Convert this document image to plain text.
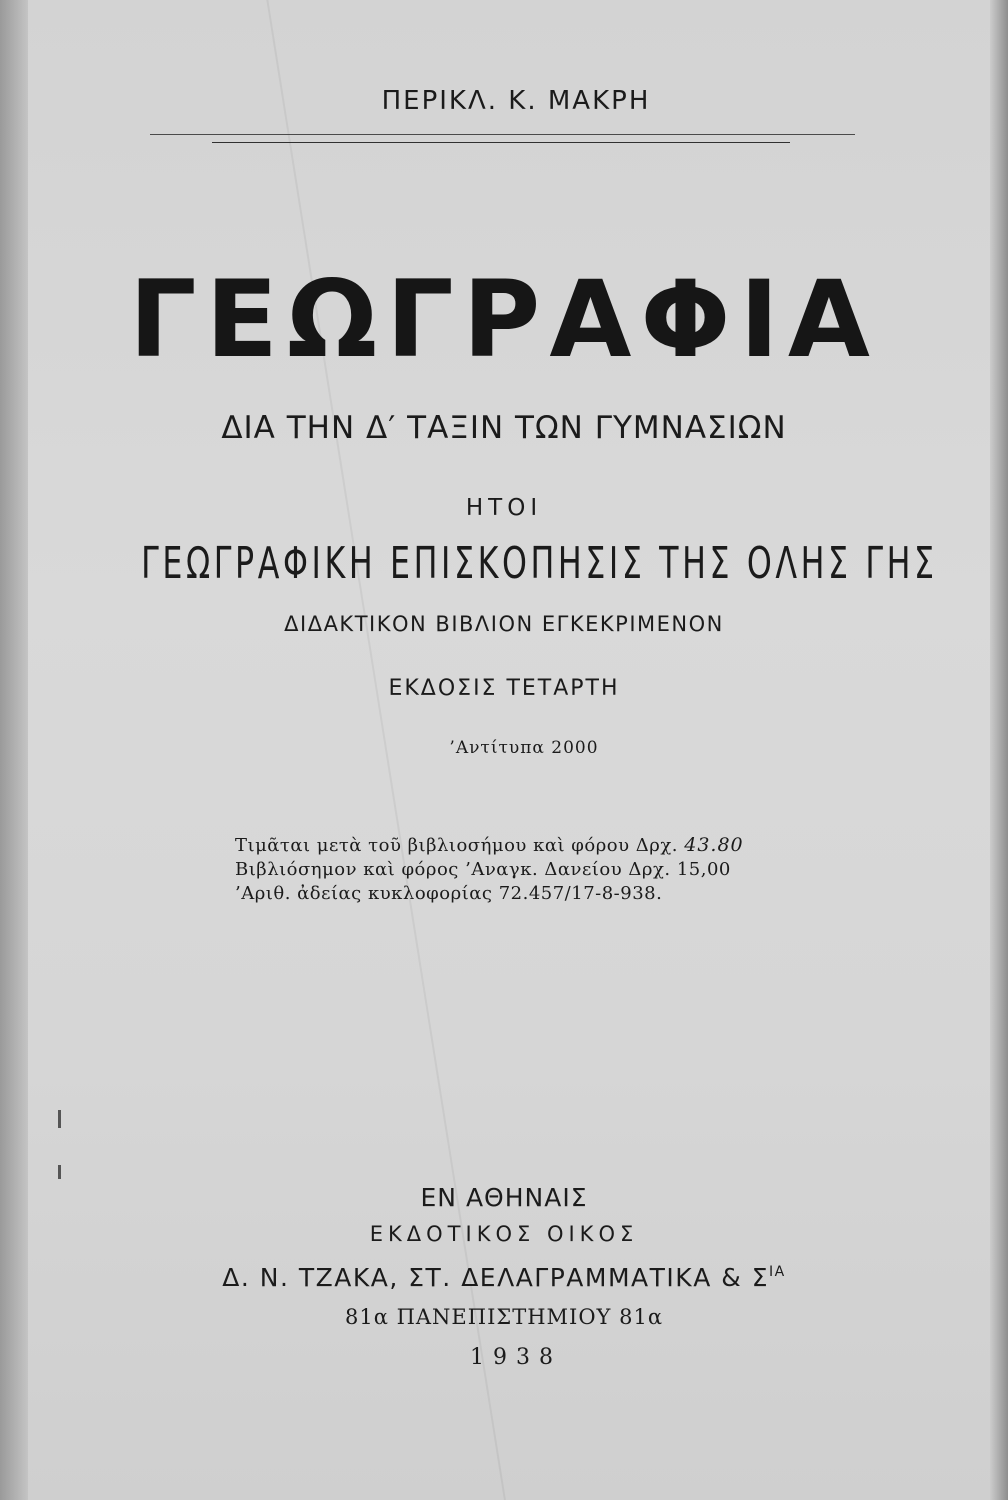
ΠΕΡΙΚΛ. Κ. ΜΑΚΡΗ
ΓΕΩΓΡΑΦΙΑ
ΔΙΑ ΤΗΝ Δ′ ΤΑΞΙΝ ΤΩΝ ΓΥΜΝΑΣΙΩΝ
ΗΤΟΙ
ΓΕΩΓΡΑΦΙΚΗ ΕΠΙΣΚΟΠΗΣΙΣ ΤΗΣ ΟΛΗΣ ΓΗΣ
ΔΙΔΑΚΤΙΚΟΝ ΒΙΒΛΙΟΝ ΕΓΚΕΚΡΙΜΕΝΟΝ
ΕΚΔΟΣΙΣ ΤΕΤΑΡΤΗ
’Αντίτυπα 2000
Τιμᾶται μετὰ τοῦ βιβλιοσήμου καὶ φόρου Δρχ. 43.80
Βιβλιόσημον καὶ φόρος ’Αναγκ. Δανείου Δρχ. 15,00
’Αριθ. ἀδείας κυκλοφορίας 72.457/17-8-938.
ΕΝ ΑΘΗΝΑΙΣ
ΕΚΔΟΤΙΚΟΣ ΟΙΚΟΣ
Δ. Ν. ΤΖΑΚΑ, ΣΤ. ΔΕΛΑΓΡΑΜΜΑΤΙΚΑ & $\Sigma^{IA}$
81α ΠΑΝΕΠΙΣΤΗΜΙΟΥ 81α
1938
